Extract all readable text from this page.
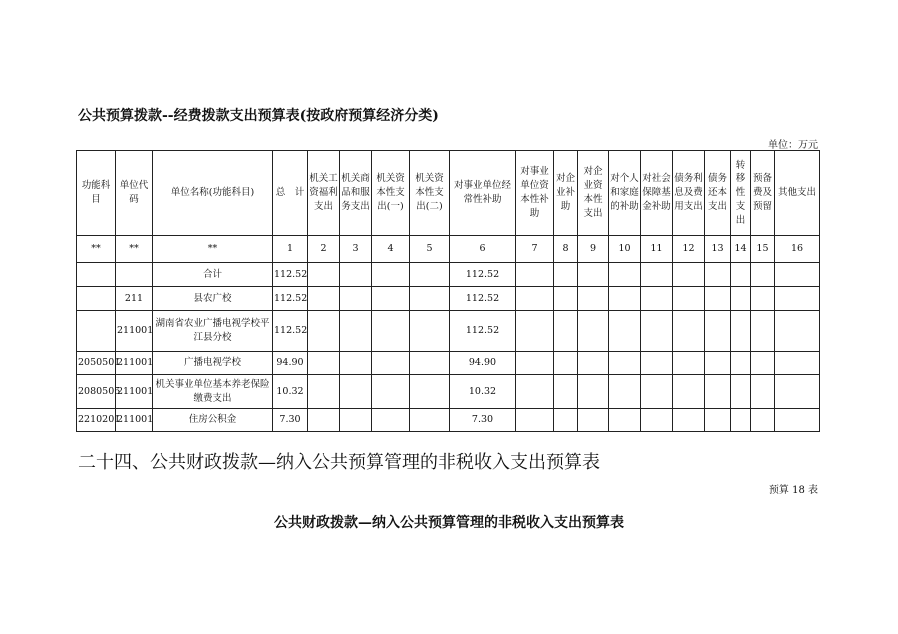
公共预算拨款--经费拨款支出预算表(按政府预算经济分类)
单位：万元
功能科目	单位代码	单位名称(功能科目)	总　计	机关工资福利支出	机关商品和服务支出	机关资本性支出(一)	机关资本性支出(二)	对事业单位经常性补助	对事业单位资本性补助	对企业补助	对企业资本性支出	对个人和家庭的补助	对社会保障基金补助	债务利息及费用支出	债务还本支出	转移性支出	预备费及预留	其他支出
**	**	**	1	2	3	4	5	6	7	8	9	10	11	12	13	14	15	16
		合计	112.52					112.52										
	211	县农广校	112.52					112.52										
	211001	湖南省农业广播电视学校平江县分校	112.52					112.52										
2050501	211001	广播电视学校	94.90					94.90										
2080505	211001	机关事业单位基本养老保险缴费支出	10.32					10.32										
2210201	211001	住房公积金	7.30					7.30										
二十四、公共财政拨款—纳入公共预算管理的非税收入支出预算表
预算 18 表
公共财政拨款—纳入公共预算管理的非税收入支出预算表
